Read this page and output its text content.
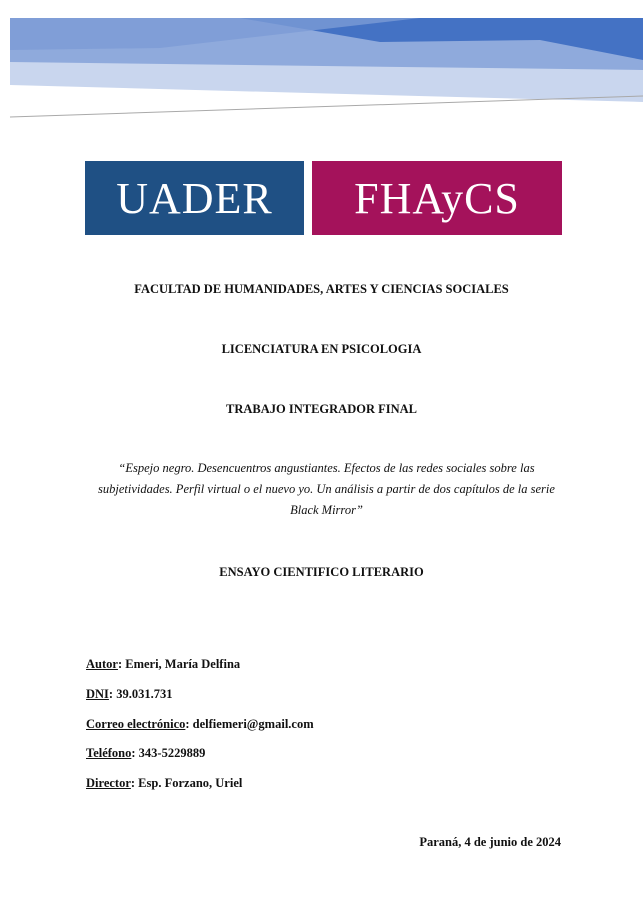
UADER FHAyCS
FACULTAD DE HUMANIDADES, ARTES Y CIENCIAS SOCIALES
LICENCIATURA EN PSICOLOGIA
TRABAJO INTEGRADOR FINAL
“Espejo negro. Desencuentros angustiantes. Efectos de las redes sociales sobre las subjetividades. Perfil virtual o el nuevo yo. Un análisis a partir de dos capítulos de la serie Black Mirror”
ENSAYO CIENTIFICO LITERARIO
Autor: Emeri, María Delfina
DNI: 39.031.731
Correo electrónico: delfiemeri@gmail.com
Teléfono: 343-5229889
Director: Esp. Forzano, Uriel
Paraná, 4 de junio de 2024
